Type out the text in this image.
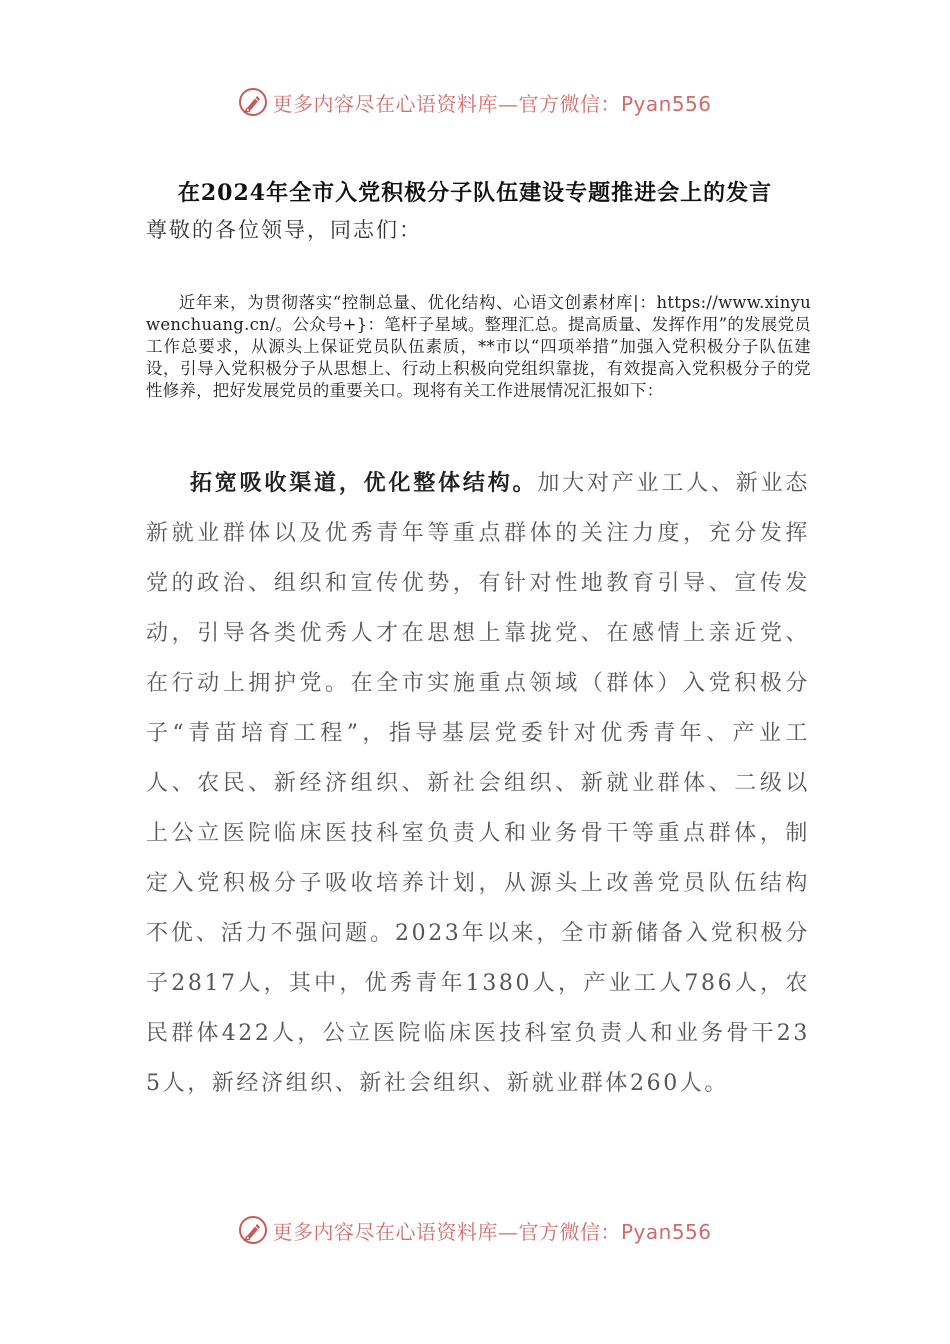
更多内容尽在心语资料库—官方微信：Pyan556
在2024年全市入党积极分子队伍建设专题推进会上的发言
尊敬的各位领导，同志们：
近年来，为贯彻落实“控制总量、优化结构、心语文创素材库|：https://www.xinyuwenchuang.cn/。公众号+}：笔杆子星域。整理汇总。提高质量、发挥作用”的发展党员工作总要求，从源头上保证党员队伍素质，**市以“四项举措”加强入党积极分子队伍建设，引导入党积极分子从思想上、行动上积极向党组织靠拢，有效提高入党积极分子的党性修养，把好发展党员的重要关口。现将有关工作进展情况汇报如下：
拓宽吸收渠道，优化整体结构。加大对产业工人、新业态新就业群体以及优秀青年等重点群体的关注力度，充分发挥党的政治、组织和宣传优势，有针对性地教育引导、宣传发动，引导各类优秀人才在思想上靠拢党、在感情上亲近党、在行动上拥护党。在全市实施重点领域（群体）入党积极分子“青苗培育工程”，指导基层党委针对优秀青年、产业工人、农民、新经济组织、新社会组织、新就业群体、二级以上公立医院临床医技科室负责人和业务骨干等重点群体，制定入党积极分子吸收培养计划，从源头上改善党员队伍结构不优、活力不强问题。2023年以来，全市新储备入党积极分子2817人，其中，优秀青年1380人，产业工人786人，农民群体422人，公立医院临床医技科室负责人和业务骨干235人，新经济组织、新社会组织、新就业群体260人。
更多内容尽在心语资料库—官方微信：Pyan556
